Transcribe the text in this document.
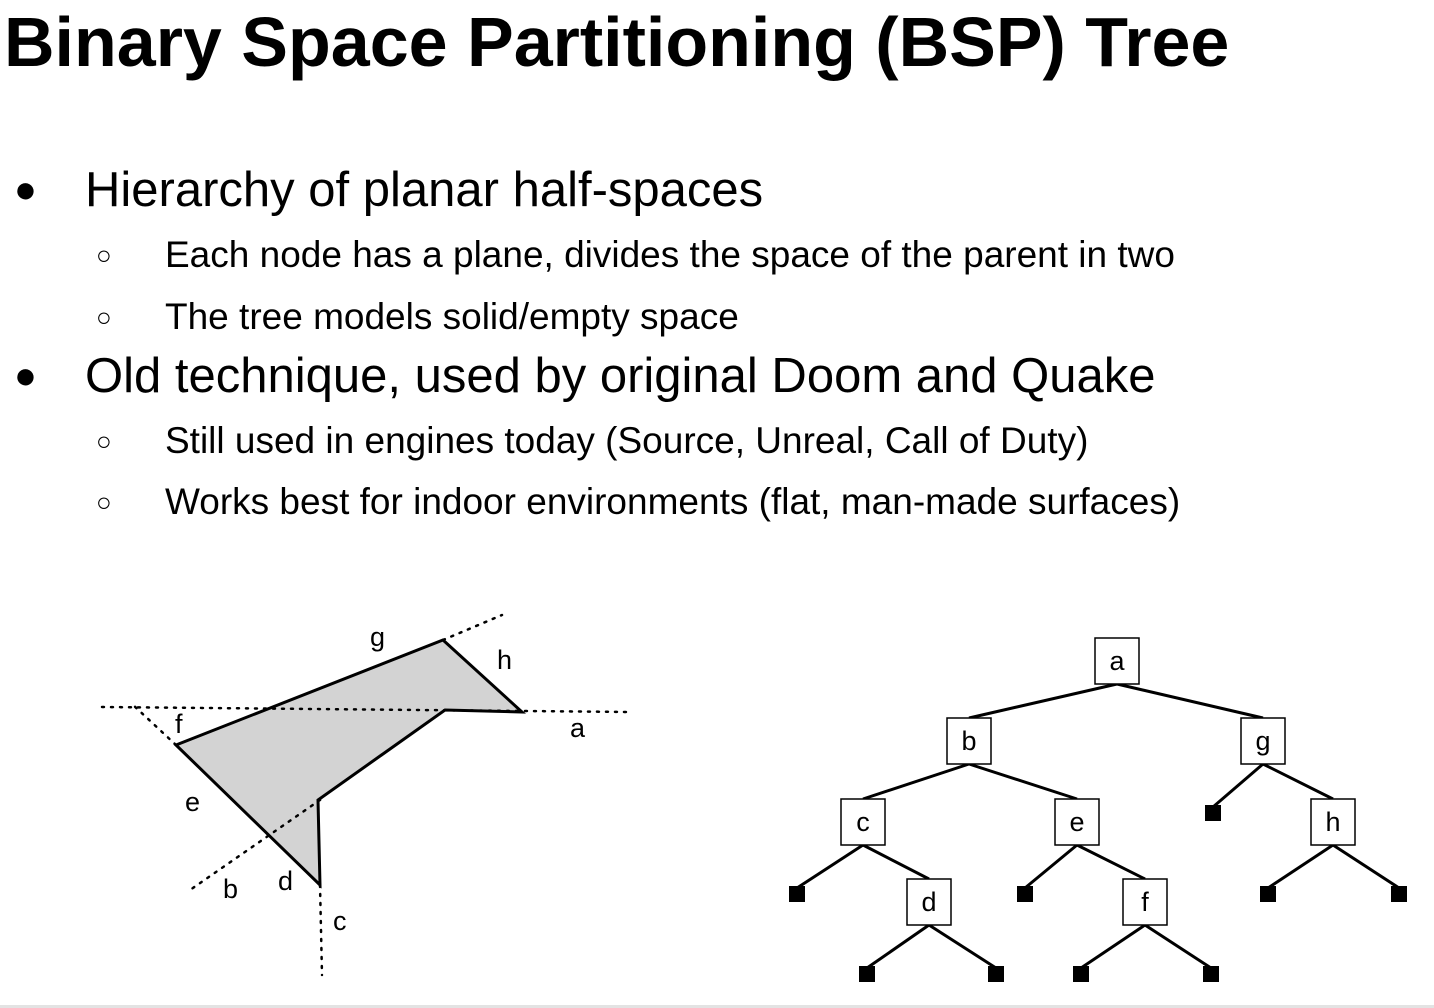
Binary Space Partitioning (BSP) Tree
● Hierarchy of planar half-spaces
○ Each node has a plane, divides the space of the parent in two
○ The tree models solid/empty space
● Old technique, used by original Doom and Quake
○ Still used in engines today (Source, Unreal, Call of Duty)
○ Works best for indoor environments (flat, man-made surfaces)
g
h
f	a
e
d
b
c
a
b	g
c	e	h
d	f
